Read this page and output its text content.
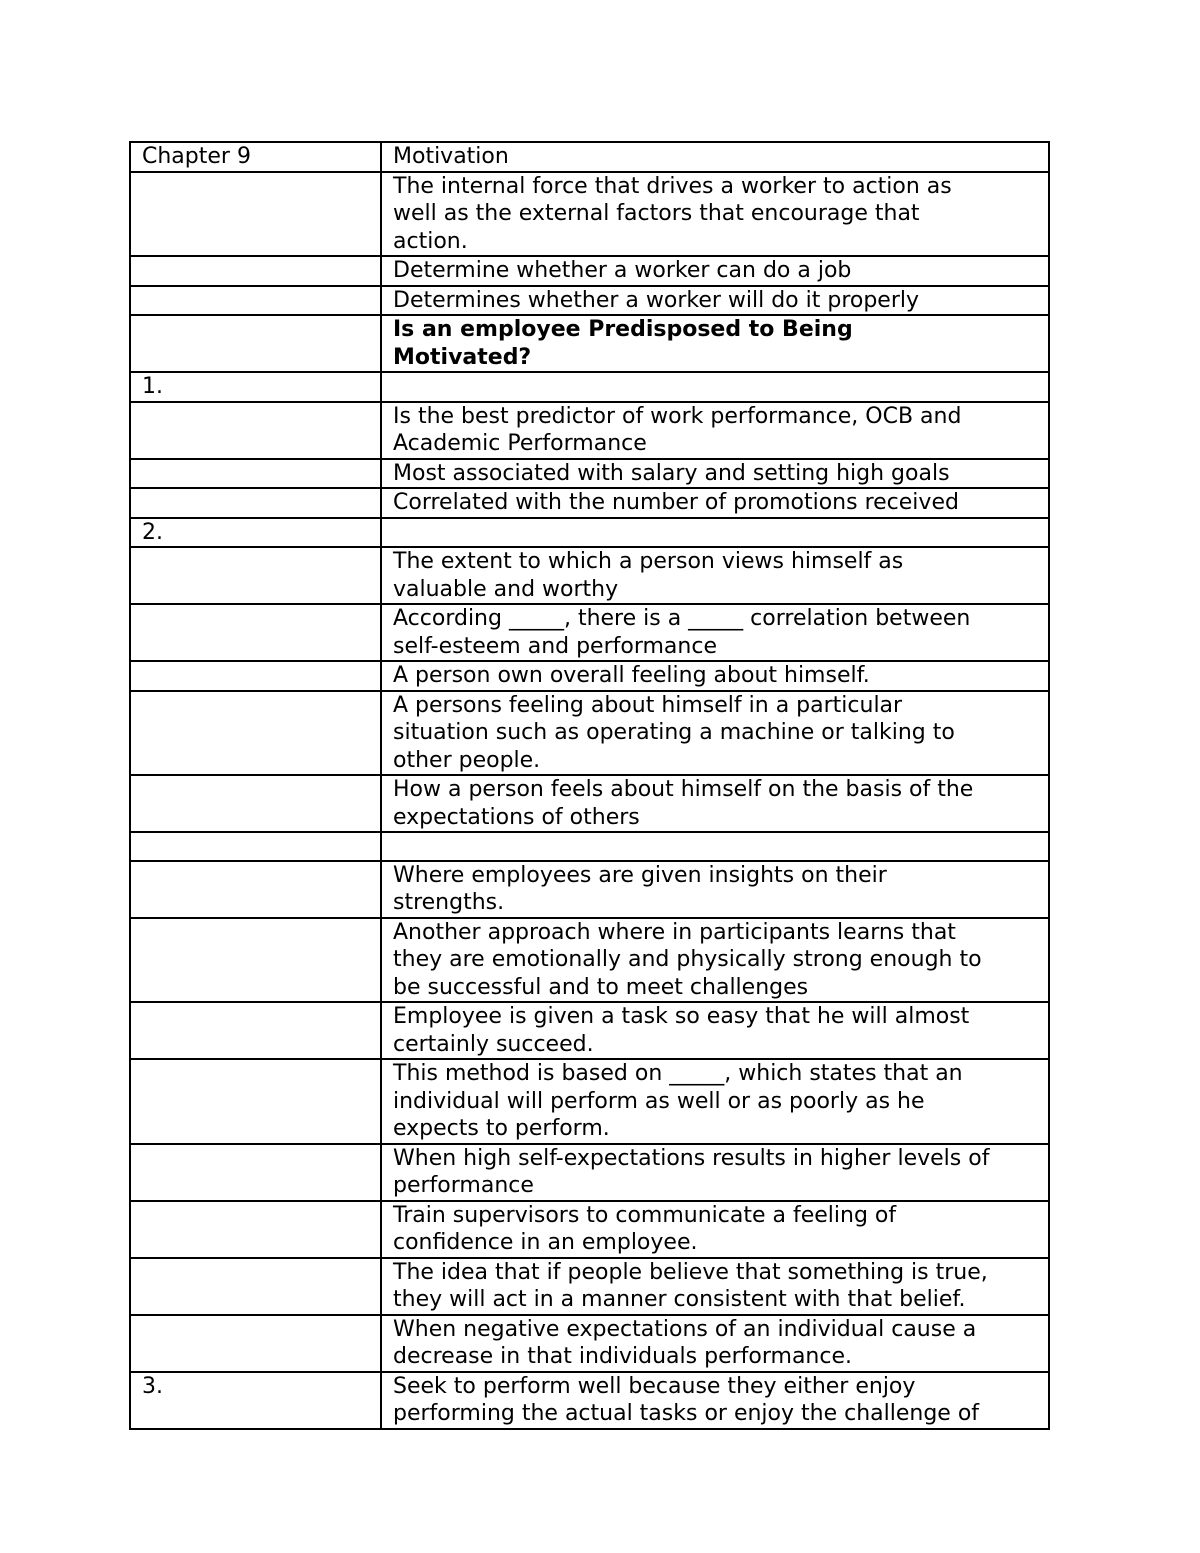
Chapter 9	Motivation
	The internal force that drives a worker to action as
well as the external factors that encourage that
action.
	Determine whether a worker can do a job
	Determines whether a worker will do it properly
	Is an employee Predisposed to Being
Motivated?
1.	
	Is the best predictor of work performance, OCB and
Academic Performance
	Most associated with salary and setting high goals
	Correlated with the number of promotions received
2.	
	The extent to which a person views himself as
valuable and worthy
	According _____, there is a _____ correlation between
self-esteem and performance
	A person own overall feeling about himself.
	A persons feeling about himself in a particular
situation such as operating a machine or talking to
other people.
	How a person feels about himself on the basis of the
expectations of others

	Where employees are given insights on their
strengths.
	Another approach where in participants learns that
they are emotionally and physically strong enough to
be successful and to meet challenges
	Employee is given a task so easy that he will almost
certainly succeed.
	This method is based on _____, which states that an
individual will perform as well or as poorly as he
expects to perform.
	When high self-expectations results in higher levels of
performance
	Train supervisors to communicate a feeling of
confidence in an employee.
	The idea that if people believe that something is true,
they will act in a manner consistent with that belief.
	When negative expectations of an individual cause a
decrease in that individuals performance.
3.	Seek to perform well because they either enjoy
performing the actual tasks or enjoy the challenge of
